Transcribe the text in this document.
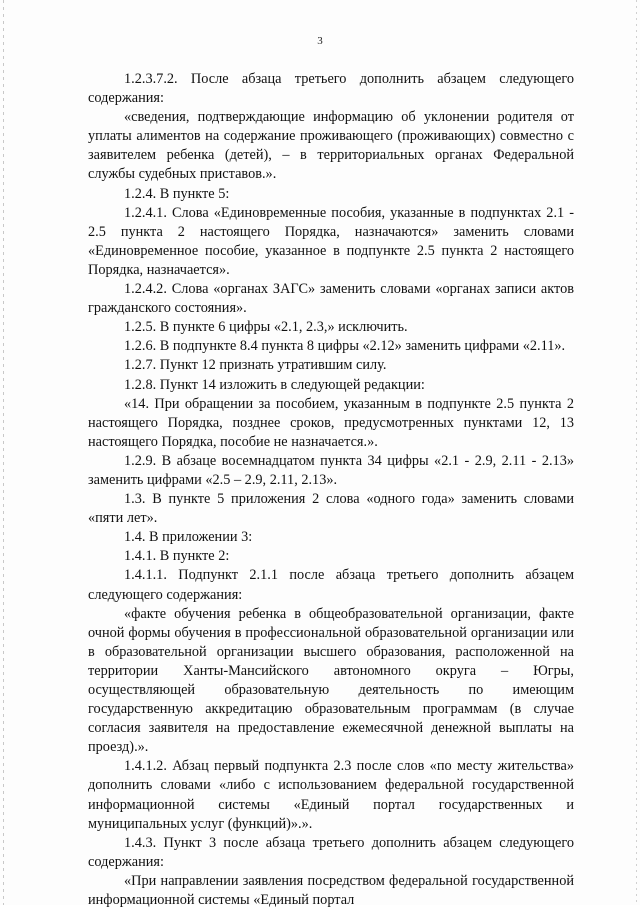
3

1.2.3.7.2. После абзаца третьего дополнить абзацем следующего содержания:

«сведения, подтверждающие информацию об уклонении родителя от уплаты алиментов на содержание проживающего (проживающих) совместно с заявителем ребенка (детей), – в территориальных органах Федеральной службы судебных приставов.».

1.2.4. В пункте 5:

1.2.4.1. Слова «Единовременные пособия, указанные в подпунктах 2.1 - 2.5 пункта 2 настоящего Порядка, назначаются» заменить словами «Единовременное пособие, указанное в подпункте 2.5 пункта 2 настоящего Порядка, назначается».

1.2.4.2. Слова «органах ЗАГС» заменить словами «органах записи актов гражданского состояния».

1.2.5. В пункте 6 цифры «2.1, 2.3,» исключить.

1.2.6. В подпункте 8.4 пункта 8 цифры «2.12» заменить цифрами «2.11».

1.2.7. Пункт 12 признать утратившим силу.

1.2.8. Пункт 14 изложить в следующей редакции:

«14. При обращении за пособием, указанным в подпункте 2.5 пункта 2 настоящего Порядка, позднее сроков, предусмотренных пунктами 12, 13 настоящего Порядка, пособие не назначается.».

1.2.9. В абзаце восемнадцатом пункта 34 цифры «2.1 - 2.9, 2.11 - 2.13» заменить цифрами «2.5 – 2.9, 2.11, 2.13».

1.3. В пункте 5 приложения 2 слова «одного года» заменить словами «пяти лет».

1.4. В приложении 3:

1.4.1. В пункте 2:

1.4.1.1. Подпункт 2.1.1 после абзаца третьего дополнить абзацем следующего содержания:

«факте обучения ребенка в общеобразовательной организации, факте очной формы обучения в профессиональной образовательной организации или в образовательной организации высшего образования, расположенной на территории Ханты-Мансийского автономного округа – Югры, осуществляющей образовательную деятельность по имеющим государственную аккредитацию образовательным программам (в случае согласия заявителя на предоставление ежемесячной денежной выплаты на проезд).».

1.4.1.2. Абзац первый подпункта 2.3 после слов «по месту жительства» дополнить словами «либо с использованием федеральной государственной информационной системы «Единый портал государственных и муниципальных услуг (функций)».».

1.4.3. Пункт 3 после абзаца третьего дополнить абзацем следующего содержания:

«При направлении заявления посредством федеральной государственной информационной системы «Единый портал
